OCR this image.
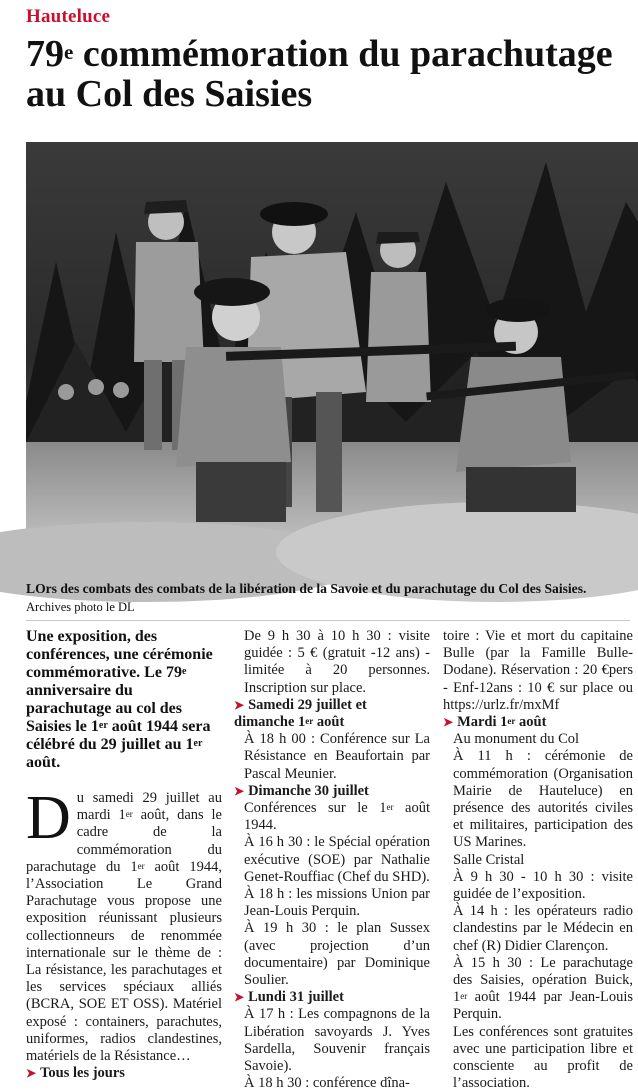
Hauteluce
79e commémoration du parachutage au Col des Saisies
LOrs des combats des combats de la libération de la Savoie et du parachutage du Col des Saisies. Archives photo le DL

Une exposition, des conférences, une cérémonie commémorative. Le 79e anniversaire du parachutage au col des Saisies le 1er août 1944 sera célébré du 29 juillet au 1er août.

D u samedi 29 juillet au mardi 1er août, dans le cadre de la commémoration du parachutage du 1er août 1944, l’Association Le Grand Parachutage vous propose une exposition réunissant plusieurs collectionneurs de renommée internationale sur le thème de : La résistance, les parachutages et les services spéciaux alliés (BCRA, SOE ET OSS). Matériel exposé : containers, parachutes, uniformes, radios clandestines, matériels de la Résistance…

➤ Tous les jours

De 9 h 30 à 10 h 30 : visite guidée : 5 € (gratuit -12 ans) - limitée à 20 personnes. Inscription sur place.

➤ Samedi 29 juillet et dimanche 1er août

À 18 h 00 : Conférence sur La Résistance en Beaufortain par Pascal Meunier.

➤ Dimanche 30 juillet

Conférences sur le 1er août 1944.

À 16 h 30 : le Spécial opération exécutive (SOE) par Nathalie Genet-Rouffiac (Chef du SHD).

À 18 h : les missions Union par Jean-Louis Perquin.

À 19 h 30 : le plan Sussex (avec projection d’un documentaire) par Dominique Soulier.

➤ Lundi 31 juillet

À 17 h : Les compagnons de la Libération savoyards J. Yves Sardella, Souvenir français Savoie).

À 18 h 30 : conférence dîna-

toire : Vie et mort du capitaine Bulle (par la Famille Bulle-Dodane). Réservation : 20 €pers - Enf-12ans : 10 € sur place ou https://urlz.fr/mxMf

➤ Mardi 1er août

Au monument du Col

À 11 h : cérémonie de commémoration (Organisation Mairie de Hauteluce) en présence des autorités civiles et militaires, participation des US Marines.

Salle Cristal

À 9 h 30 - 10 h 30 : visite guidée de l’exposition.

À 14 h : les opérateurs radio clandestins par le Médecin en chef (R) Didier Clarençon.

À 15 h 30 : Le parachutage des Saisies, opération Buick, 1er août 1944 par Jean-Louis Perquin.

Les conférences sont gratuites avec une participation libre et consciente au profit de l’association.
